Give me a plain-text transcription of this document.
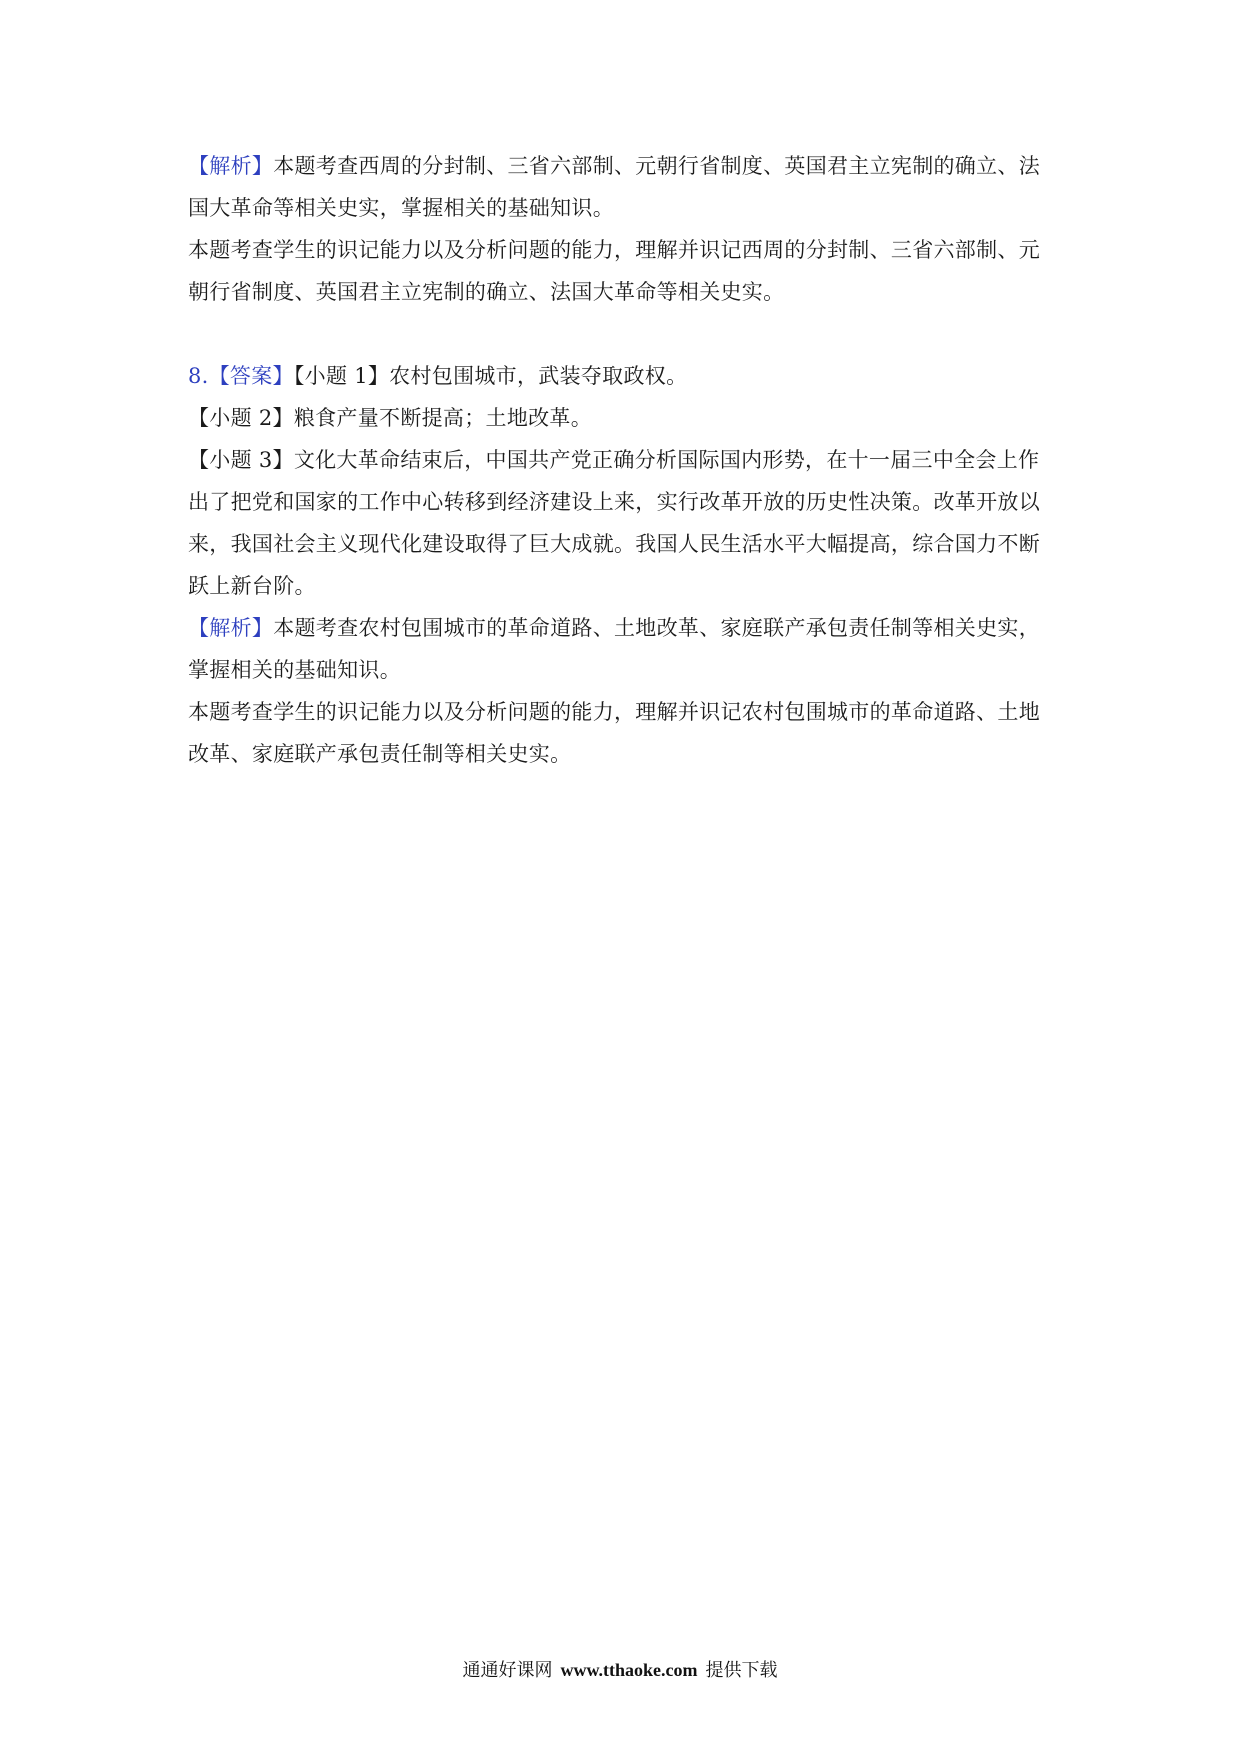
【解析】本题考查西周的分封制、三省六部制、元朝行省制度、英国君主立宪制的确立、法
国大革命等相关史实，掌握相关的基础知识。
本题考查学生的识记能力以及分析问题的能力，理解并识记西周的分封制、三省六部制、元
朝行省制度、英国君主立宪制的确立、法国大革命等相关史实。
8.【答案】【小题 1】农村包围城市，武装夺取政权。
【小题 2】粮食产量不断提高；土地改革。
【小题 3】文化大革命结束后，中国共产党正确分析国际国内形势，在十一届三中全会上作
出了把党和国家的工作中心转移到经济建设上来，实行改革开放的历史性决策。改革开放以
来，我国社会主义现代化建设取得了巨大成就。我国人民生活水平大幅提高，综合国力不断
跃上新台阶。
【解析】本题考查农村包围城市的革命道路、土地改革、家庭联产承包责任制等相关史实，
掌握相关的基础知识。
本题考查学生的识记能力以及分析问题的能力，理解并识记农村包围城市的革命道路、土地
改革、家庭联产承包责任制等相关史实。
通通好课网 www.tthaoke.com 提供下载
